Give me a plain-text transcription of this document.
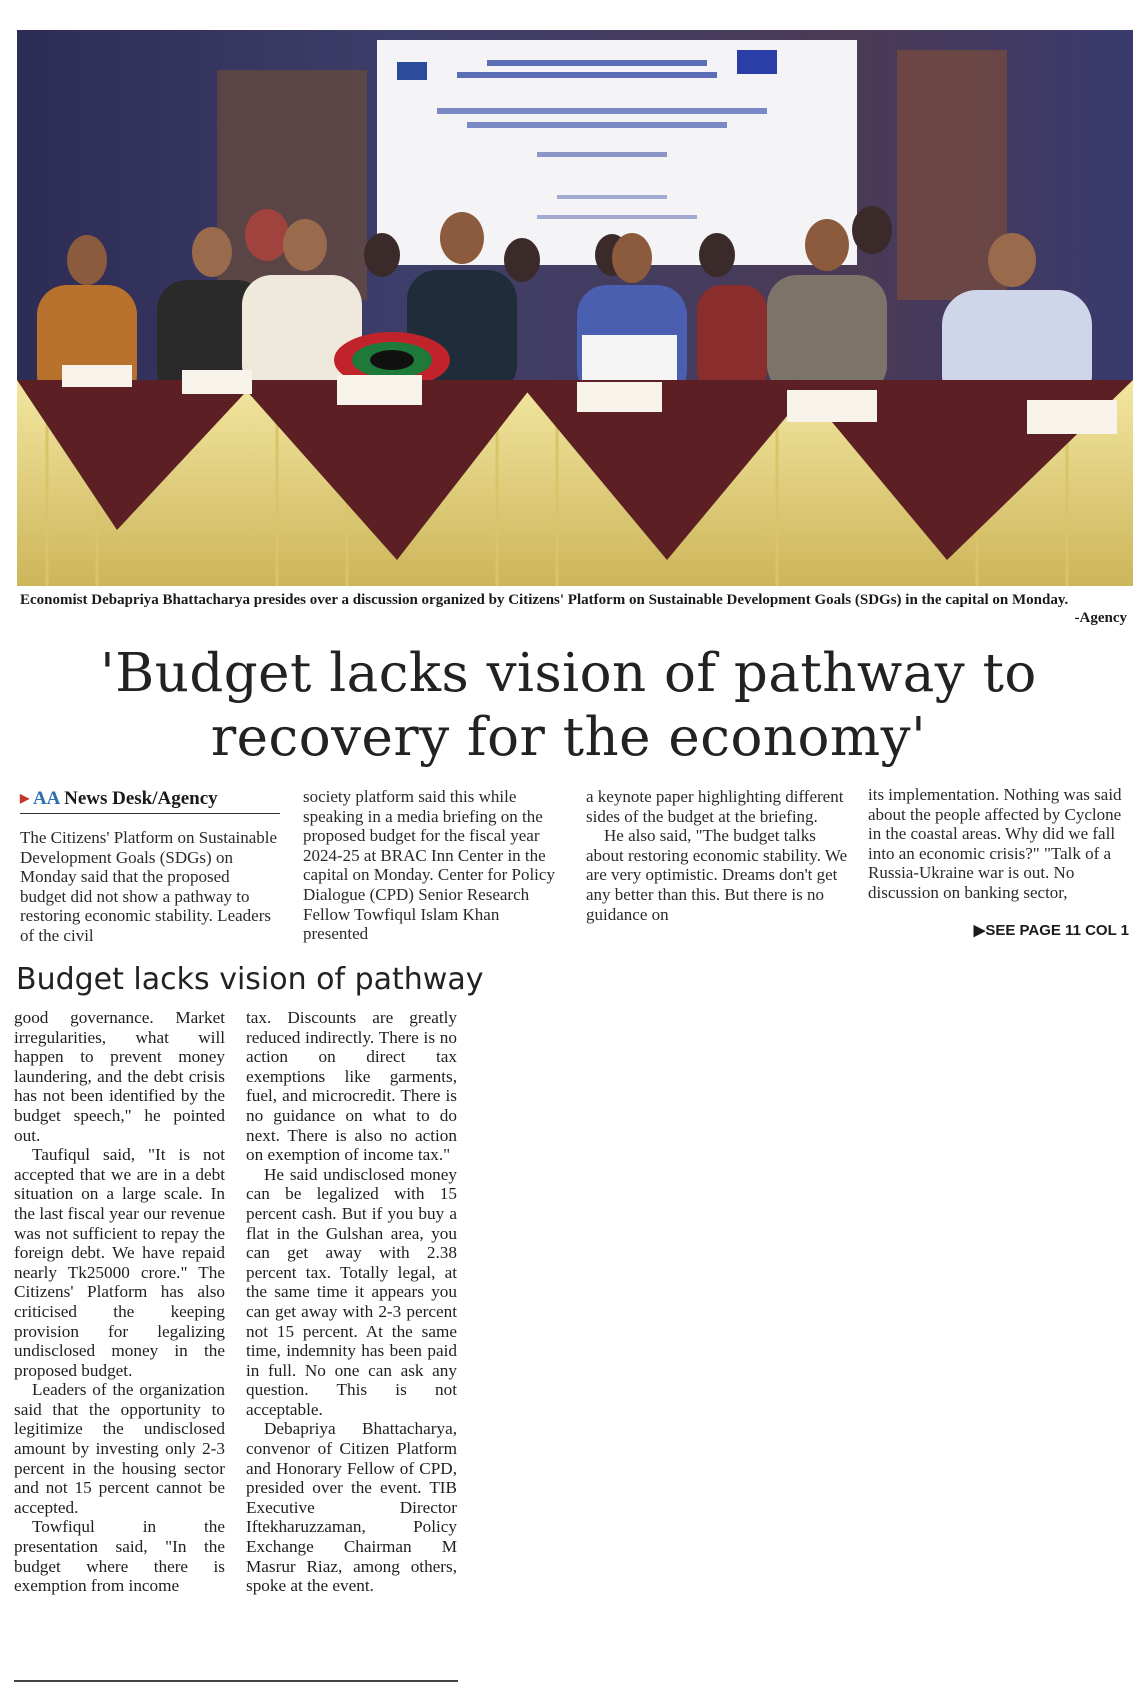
Economist Debapriya Bhattacharya presides over a discussion organized by Citizens' Platform on Sustainable Development Goals (SDGs) in the capital on Monday.
-Agency
'Budget lacks vision of pathway to
recovery for the economy'
▶ AA News Desk/Agency
The Citizens' Platform on Sustainable Development Goals (SDGs) on Monday said that the proposed budget did not show a pathway to restoring economic stability. Leaders of the civil
society platform said this while speaking in a media briefing on the proposed budget for the fiscal year 2024-25 at BRAC Inn Center in the capital on Monday. Center for Policy Dialogue (CPD) Senior Research Fellow Towfiqul Islam Khan presented
a keynote paper highlighting different sides of the budget at the briefing.
He also said, "The budget talks about restoring economic stability. We are very optimistic. Dreams don't get any better than this. But there is no guidance on
its implementation. Nothing was said about the people affected by Cyclone in the coastal areas. Why did we fall into an economic crisis?" "Talk of a Russia-Ukraine war is out. No discussion on banking sector,
▶SEE PAGE 11 COL 1
Budget lacks vision of pathway
good governance. Market irregularities, what will happen to prevent money laundering, and the debt crisis has not been identified by the budget speech," he pointed out.
Taufiqul said, "It is not accepted that we are in a debt situation on a large scale. In the last fiscal year our revenue was not sufficient to repay the foreign debt. We have repaid nearly Tk25000 crore." The Citizens' Platform has also criticised the keeping provision for legalizing undisclosed money in the proposed budget.
Leaders of the organization said that the opportunity to legitimize the undisclosed amount by investing only 2-3 percent in the housing sector and not 15 percent cannot be accepted.
Towfiqul in the presentation said, "In the budget where there is exemption from income
tax. Discounts are greatly reduced indirectly. There is no action on direct tax exemptions like garments, fuel, and microcredit. There is no guidance on what to do next. There is also no action on exemption of income tax."
He said undisclosed money can be legalized with 15 percent cash. But if you buy a flat in the Gulshan area, you can get away with 2.38 percent tax. Totally legal, at the same time it appears you can get away with 2-3 percent not 15 percent. At the same time, indemnity has been paid in full. No one can ask any question. This is not acceptable.
Debapriya Bhattacharya, convenor of Citizen Platform and Honorary Fellow of CPD, presided over the event. TIB Executive Director Iftekharuzzaman, Policy Exchange Chairman M Masrur Riaz, among others, spoke at the event.
